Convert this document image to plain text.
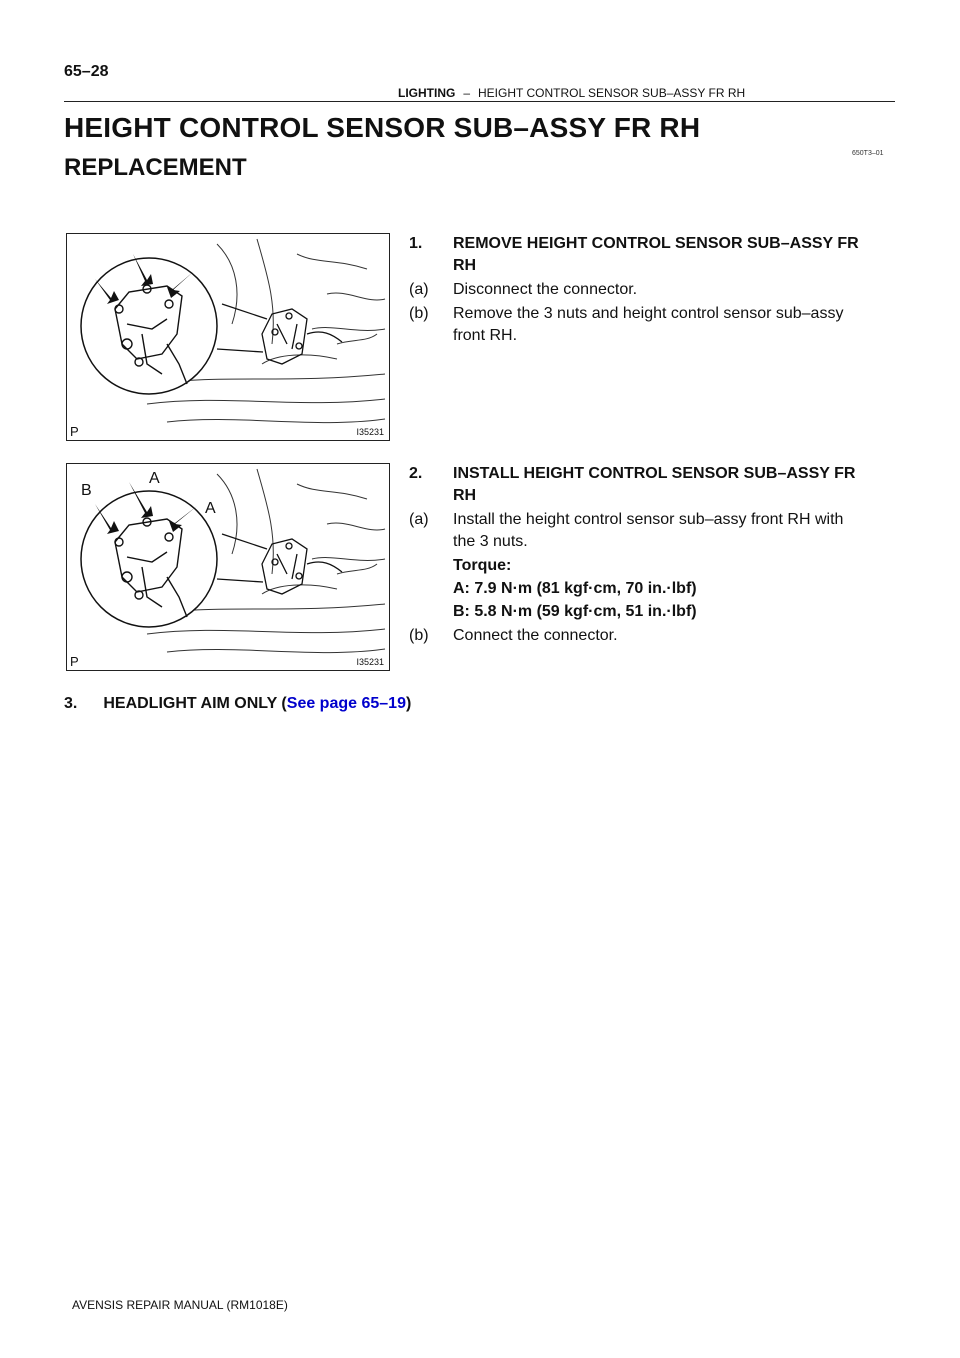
65–28
LIGHTING – HEIGHT CONTROL SENSOR SUB–ASSY FR RH
HEIGHT CONTROL SENSOR SUB–ASSY FR RH
REPLACEMENT
650T3–01
P	I35231
B
A
A
P	I35231
1. REMOVE HEIGHT CONTROL SENSOR SUB–ASSY FR
RH
(a) Disconnect the connector.
(b) Remove the 3 nuts and height control sensor sub–assy
front RH.
2. INSTALL HEIGHT CONTROL SENSOR SUB–ASSY FR
RH
(a) Install the height control sensor sub–assy front RH with
the 3 nuts.
Torque:
A: 7.9 N·m (81 kgf·cm, 70 in.·lbf)
B: 5.8 N·m (59 kgf·cm, 51 in.·lbf)
(b) Connect the connector.
3. HEADLIGHT AIM ONLY (See page 65–19)
AVENSIS REPAIR MANUAL (RM1018E)
